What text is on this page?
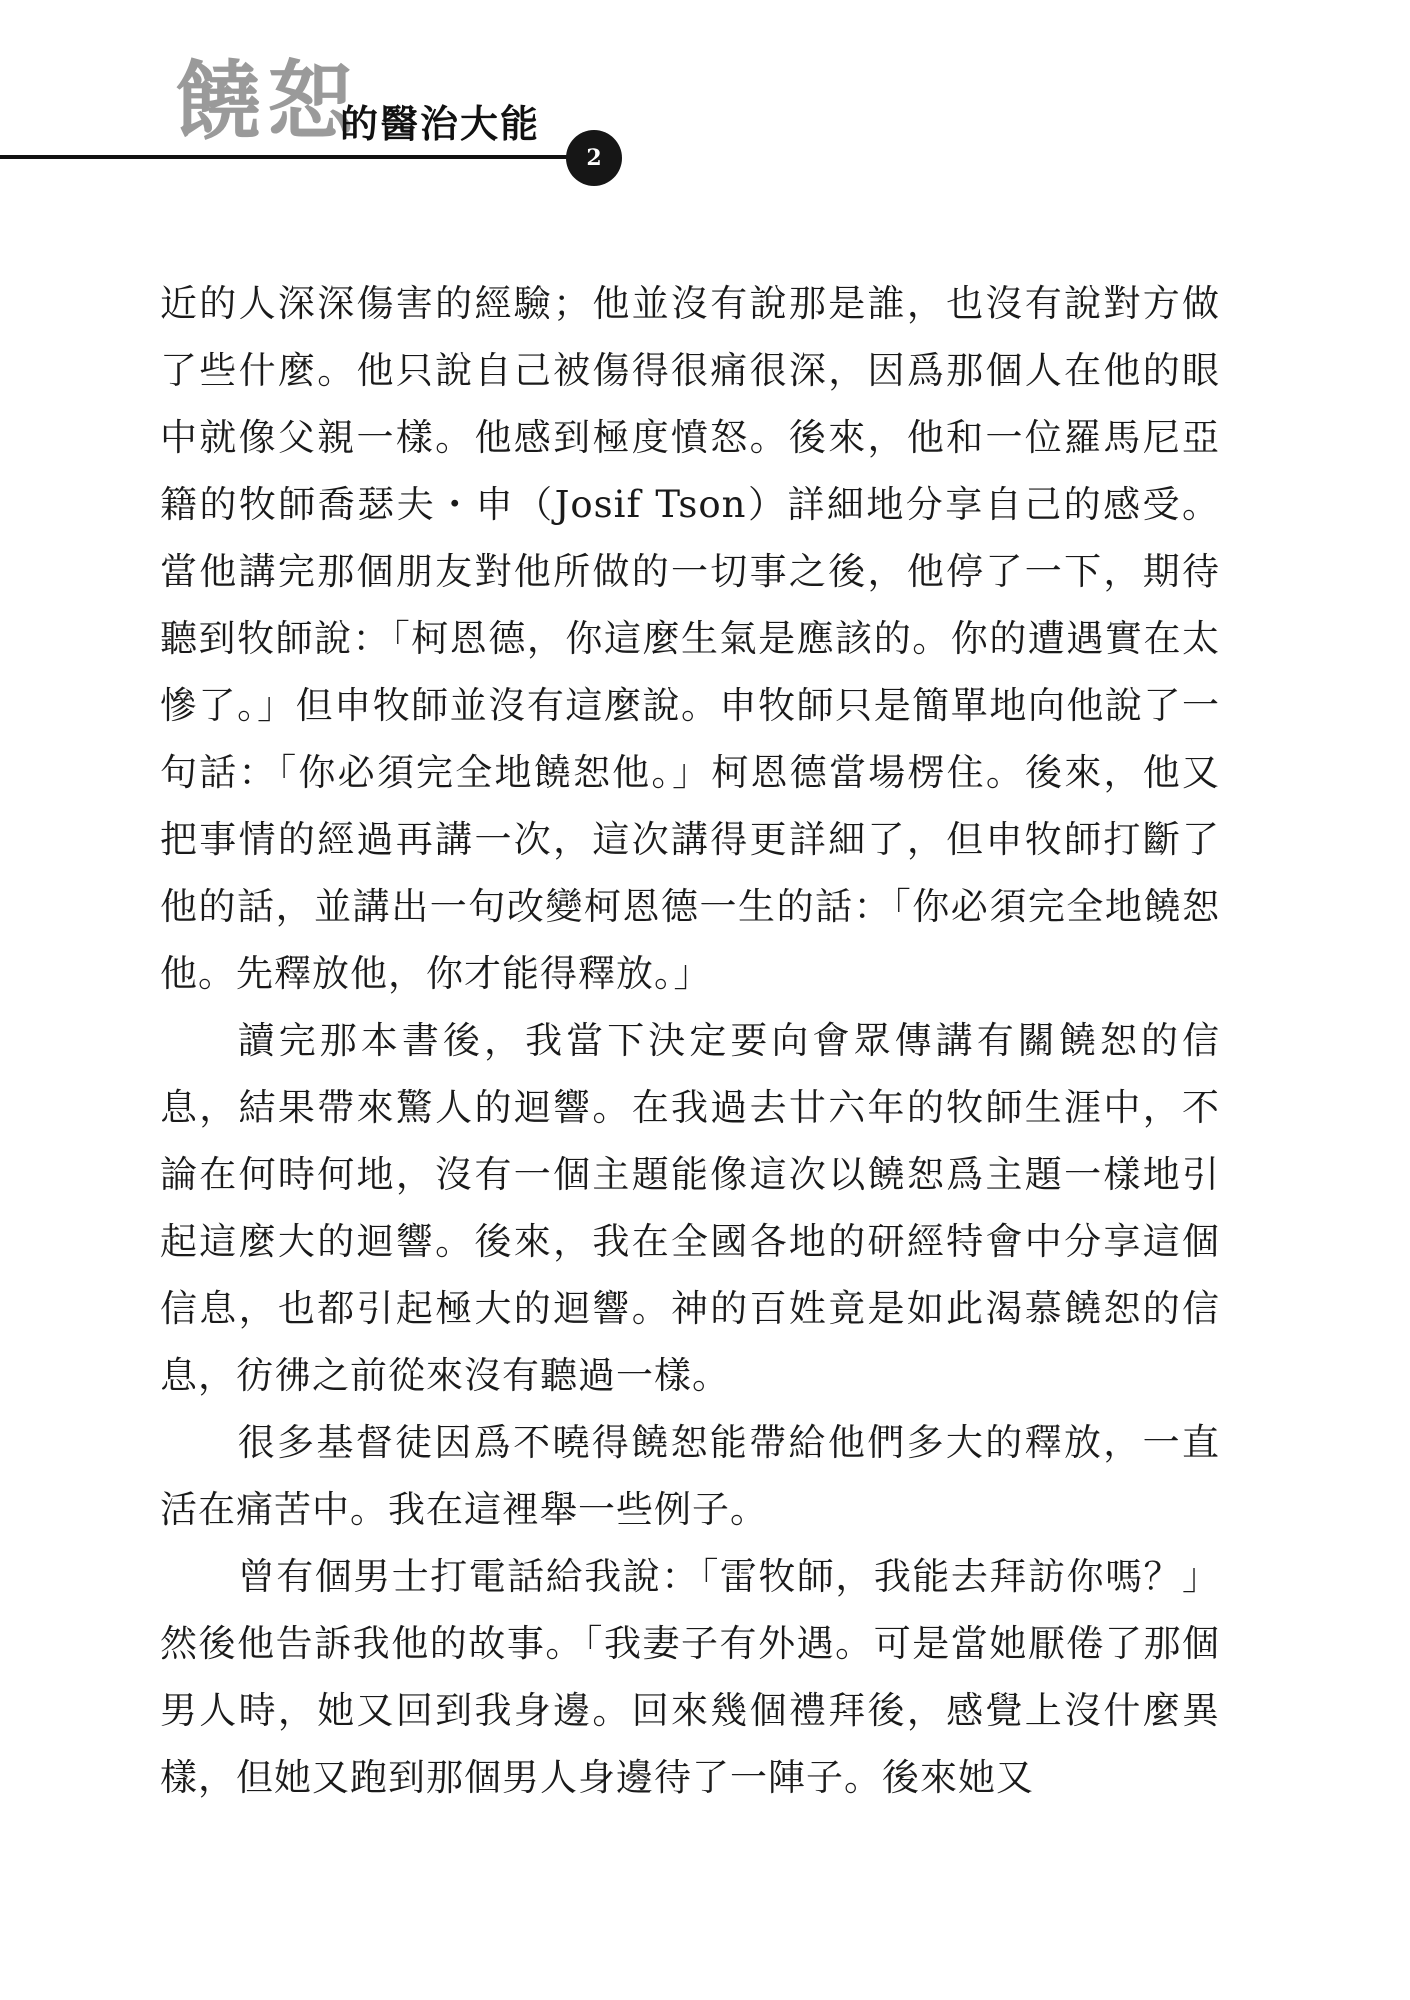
饒恕
的醫治大能
2

近的人深深傷害的經驗；他並沒有說那是誰，也沒有說對方做了些什麼。他只說自己被傷得很痛很深，因爲那個人在他的眼中就像父親一樣。他感到極度憤怒。後來，他和一位羅馬尼亞籍的牧師喬瑟夫・申（Josif Tson）詳細地分享自己的感受。當他講完那個朋友對他所做的一切事之後，他停了一下，期待聽到牧師說：「柯恩德，你這麼生氣是應該的。你的遭遇實在太慘了。」但申牧師並沒有這麼說。申牧師只是簡單地向他說了一句話：「你必須完全地饒恕他。」柯恩德當場楞住。後來，他又把事情的經過再講一次，這次講得更詳細了，但申牧師打斷了他的話，並講出一句改變柯恩德一生的話：「你必須完全地饒恕他。先釋放他，你才能得釋放。」

讀完那本書後，我當下決定要向會眾傳講有關饒恕的信息，結果帶來驚人的迴響。在我過去廿六年的牧師生涯中，不論在何時何地，沒有一個主題能像這次以饒恕爲主題一樣地引起這麼大的迴響。後來，我在全國各地的研經特會中分享這個信息，也都引起極大的迴響。神的百姓竟是如此渴慕饒恕的信息，彷彿之前從來沒有聽過一樣。

很多基督徒因爲不曉得饒恕能帶給他們多大的釋放，一直活在痛苦中。我在這裡舉一些例子。

曾有個男士打電話給我說：「雷牧師，我能去拜訪你嗎？」然後他告訴我他的故事。「我妻子有外遇。可是當她厭倦了那個男人時，她又回到我身邊。回來幾個禮拜後，感覺上沒什麼異樣，但她又跑到那個男人身邊待了一陣子。後來她又
